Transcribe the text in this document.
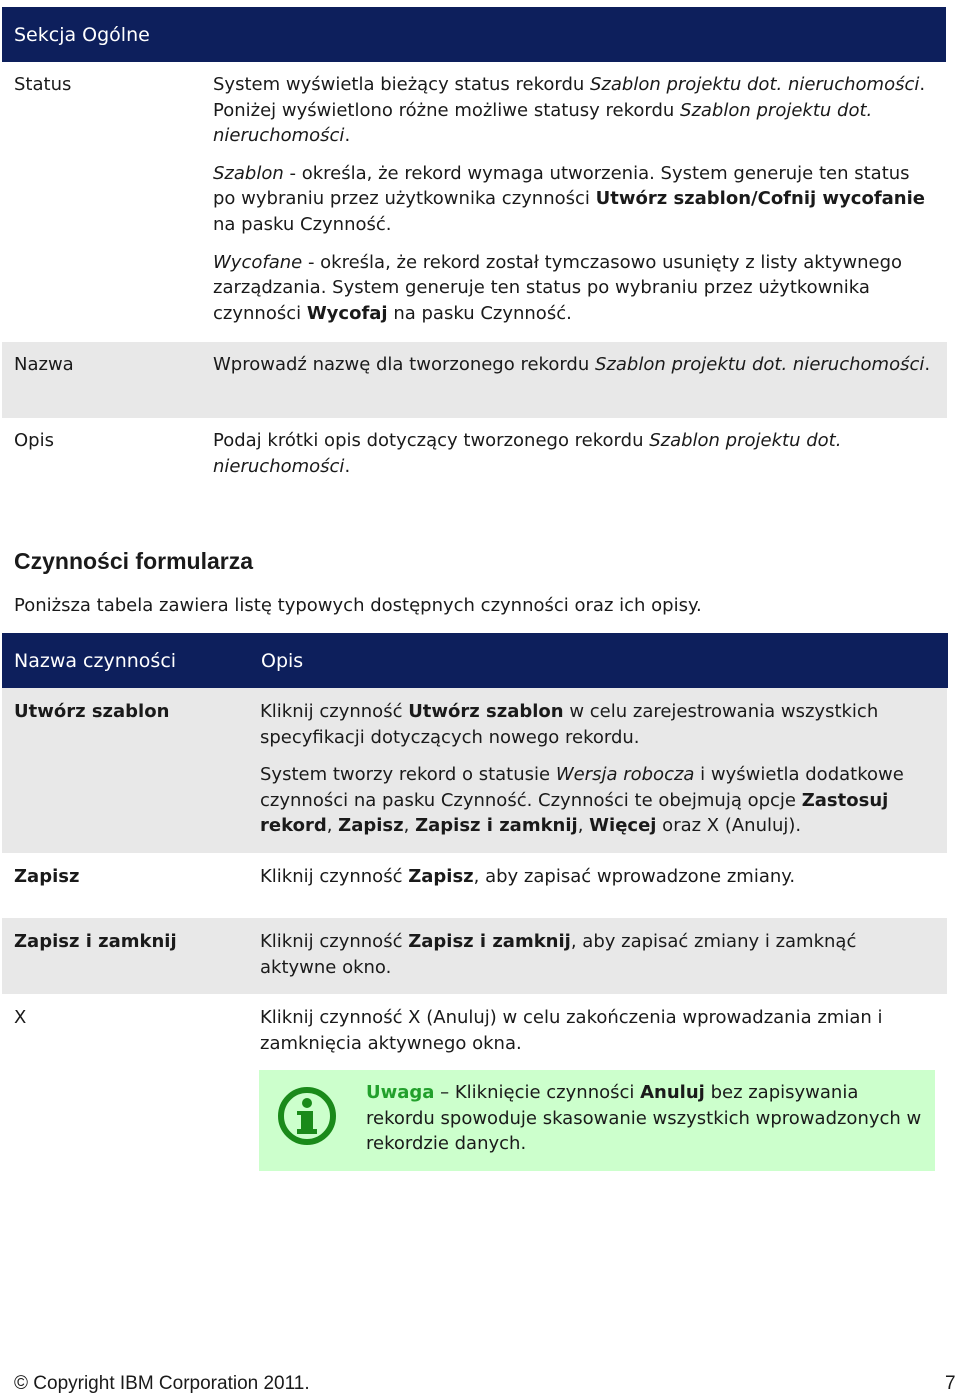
Sekcja Ogólne
Status	System wyświetla bieżący status rekordu Szablon projektu dot. nieruchomości. Poniżej wyświetlono różne możliwe statusy rekordu Szablon projektu dot. nieruchomości.

Szablon - określa, że rekord wymaga utworzenia. System generuje ten status po wybraniu przez użytkownika czynności Utwórz szablon/Cofnij wycofanie na pasku Czynność.

Wycofane - określa, że rekord został tymczasowo usunięty z listy aktywnego zarządzania. System generuje ten status po wybraniu przez użytkownika czynności Wycofaj na pasku Czynność.

Nazwa	Wprowadź nazwę dla tworzonego rekordu Szablon projektu dot. nieruchomości.

Opis	Podaj krótki opis dotyczący tworzonego rekordu Szablon projektu dot. nieruchomości.

Czynności formularza
Poniższa tabela zawiera listę typowych dostępnych czynności oraz ich opisy.
Nazwa czynności	Opis
Utwórz szablon	Kliknij czynność Utwórz szablon w celu zarejestrowania wszystkich specyfikacji dotyczących nowego rekordu.

System tworzy rekord o statusie Wersja robocza i wyświetla dodatkowe czynności na pasku Czynność. Czynności te obejmują opcje Zastosuj rekord, Zapisz, Zapisz i zamknij, Więcej oraz X (Anuluj).

Zapisz	Kliknij czynność Zapisz, aby zapisać wprowadzone zmiany.

Zapisz i zamknij	Kliknij czynność Zapisz i zamknij, aby zapisać zmiany i zamknąć aktywne okno.

X	Kliknij czynność X (Anuluj) w celu zakończenia wprowadzania zmian i zamknięcia aktywnego okna.

Uwaga – Kliknięcie czynności Anuluj bez zapisywania rekordu spowoduje skasowanie wszystkich wprowadzonych w rekordzie danych.
© Copyright IBM Corporation 2011.	7
